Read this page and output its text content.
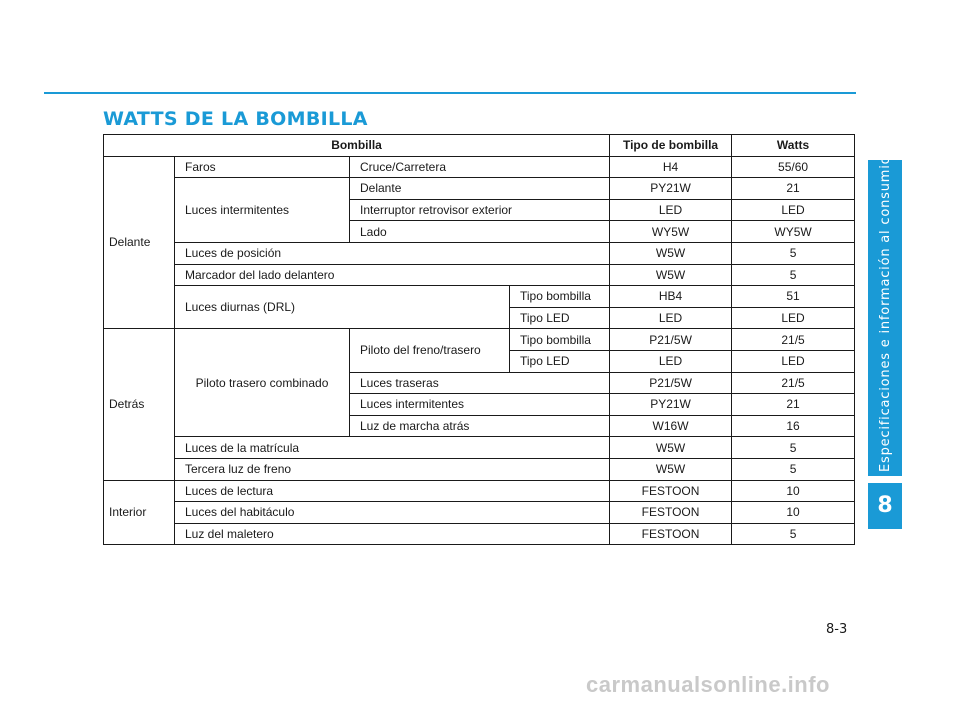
WATTS DE LA BOMBILLA
Bombilla				Tipo de bombilla	Watts
Delante	Faros	Cruce/Carretera		H4	55/60
	Luces intermitentes	Delante		PY21W	21
		Interruptor retrovisor exterior		LED	LED
		Lado		WY5W	WY5W
	Luces de posición			W5W	5
	Marcador del lado delantero			W5W	5
	Luces diurnas (DRL)		Tipo bombilla	HB4	51
			Tipo LED	LED	LED
Detrás	Piloto trasero combinado	Piloto del freno/trasero	Tipo bombilla	P21/5W	21/5
			Tipo LED	LED	LED
		Luces traseras		P21/5W	21/5
		Luces intermitentes		PY21W	21
		Luz de marcha atrás		W16W	16
	Luces de la matrícula			W5W	5
	Tercera luz de freno			W5W	5
Interior	Luces de lectura			FESTOON	10
	Luces del habitáculo			FESTOON	10
	Luz del maletero			FESTOON	5
Especificaciones e información al consumidor
8
8-3
carmanualsonline.info
